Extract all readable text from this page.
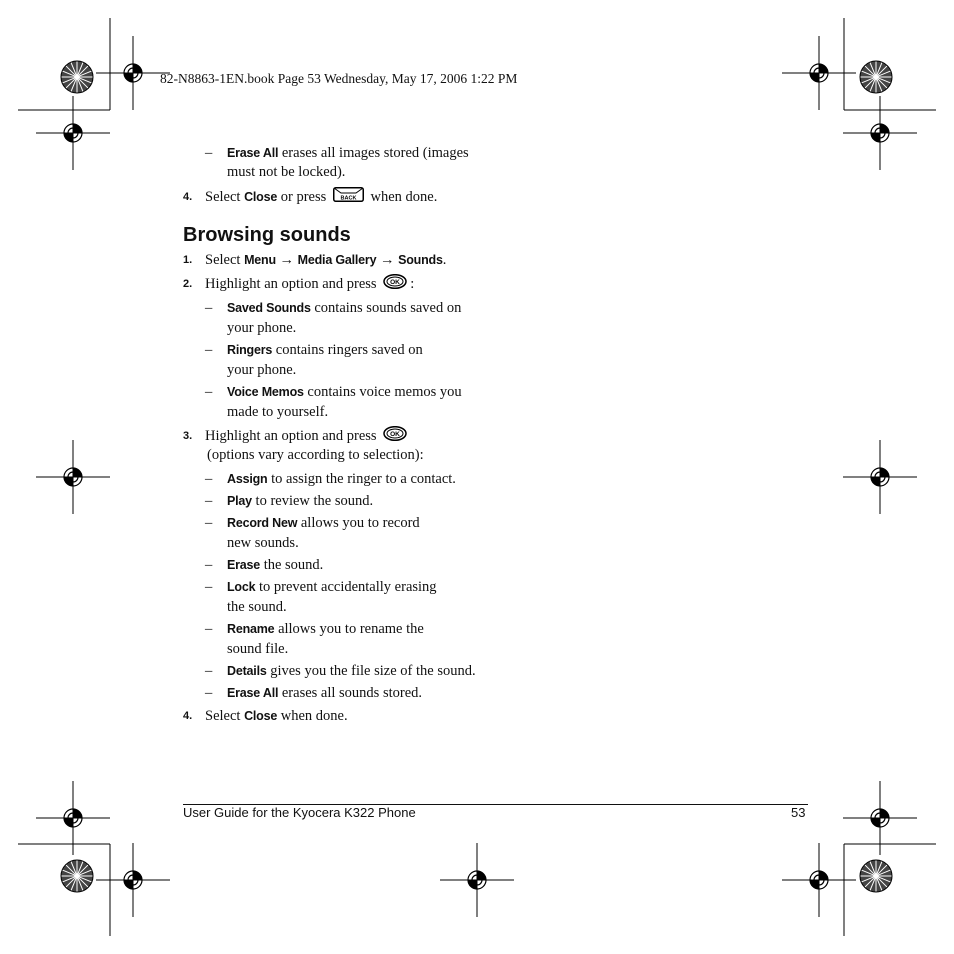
82-N8863-1EN.book Page 53 Wednesday, May 17, 2006 1:22 PM
– Erase All erases all images stored (images
must not be locked).
4. Select Close or press BACK when done.
Browsing sounds
1. Select Menu → Media Gallery → Sounds.
2. Highlight an option and press OK :
– Saved Sounds contains sounds saved on
your phone.
– Ringers contains ringers saved on
your phone.
– Voice Memos contains voice memos you
made to yourself.
3. Highlight an option and press OK
(options vary according to selection):
– Assign to assign the ringer to a contact.
– Play to review the sound.
– Record New allows you to record
new sounds.
– Erase the sound.
– Lock to prevent accidentally erasing
the sound.
– Rename allows you to rename the
sound file.
– Details gives you the file size of the sound.
– Erase All erases all sounds stored.
4. Select Close when done.
User Guide for the Kyocera K322 Phone	53
